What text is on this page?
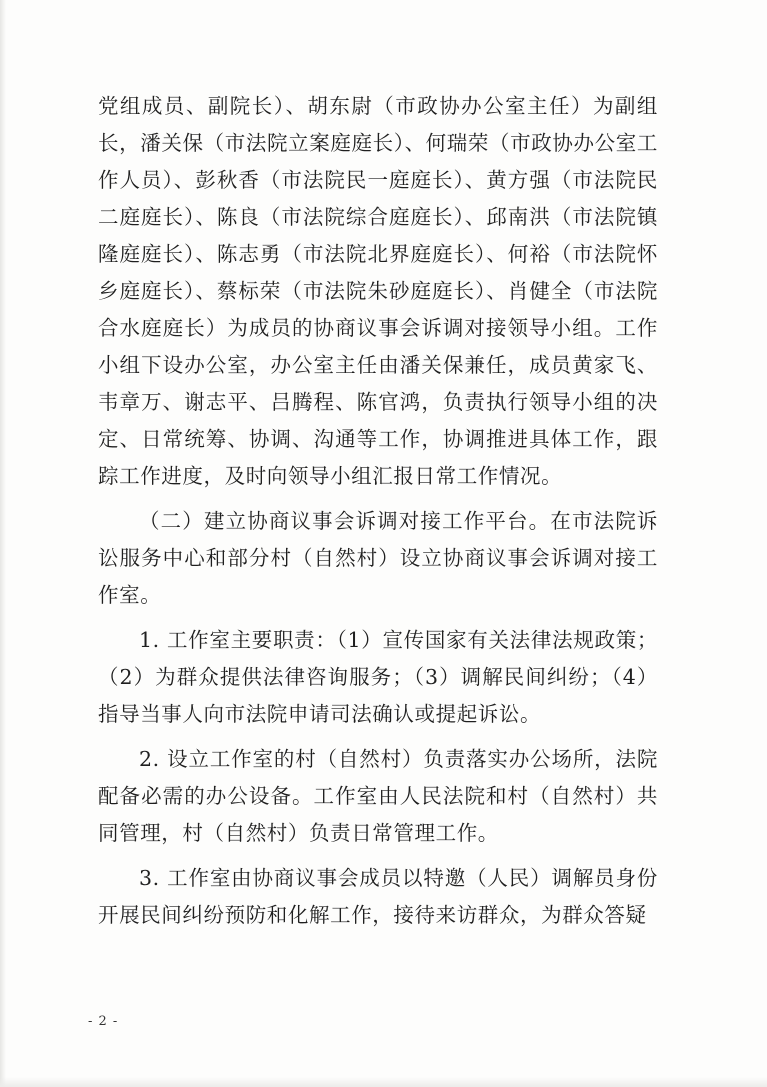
党组成员、副院长）、胡东尉（市政协办公室主任）为副组长，潘关保（市法院立案庭庭长）、何瑞荣（市政协办公室工作人员）、彭秋香（市法院民一庭庭长）、黄方强（市法院民二庭庭长）、陈良（市法院综合庭庭长）、邱南洪（市法院镇隆庭庭长）、陈志勇（市法院北界庭庭长）、何裕（市法院怀乡庭庭长）、蔡标荣（市法院朱砂庭庭长）、肖健全（市法院合水庭庭长）为成员的协商议事会诉调对接领导小组。工作小组下设办公室，办公室主任由潘关保兼任，成员黄家飞、韦章万、谢志平、吕腾程、陈官鸿，负责执行领导小组的决定、日常统筹、协调、沟通等工作，协调推进具体工作，跟踪工作进度，及时向领导小组汇报日常工作情况。

（二）建立协商议事会诉调对接工作平台。在市法院诉讼服务中心和部分村（自然村）设立协商议事会诉调对接工作室。

1. 工作室主要职责：（1）宣传国家有关法律法规政策；（2）为群众提供法律咨询服务；（3）调解民间纠纷；（4）指导当事人向市法院申请司法确认或提起诉讼。

2. 设立工作室的村（自然村）负责落实办公场所，法院配备必需的办公设备。工作室由人民法院和村（自然村）共同管理，村（自然村）负责日常管理工作。

3. 工作室由协商议事会成员以特邀（人民）调解员身份开展民间纠纷预防和化解工作，接待来访群众，为群众答疑

- 2 -
